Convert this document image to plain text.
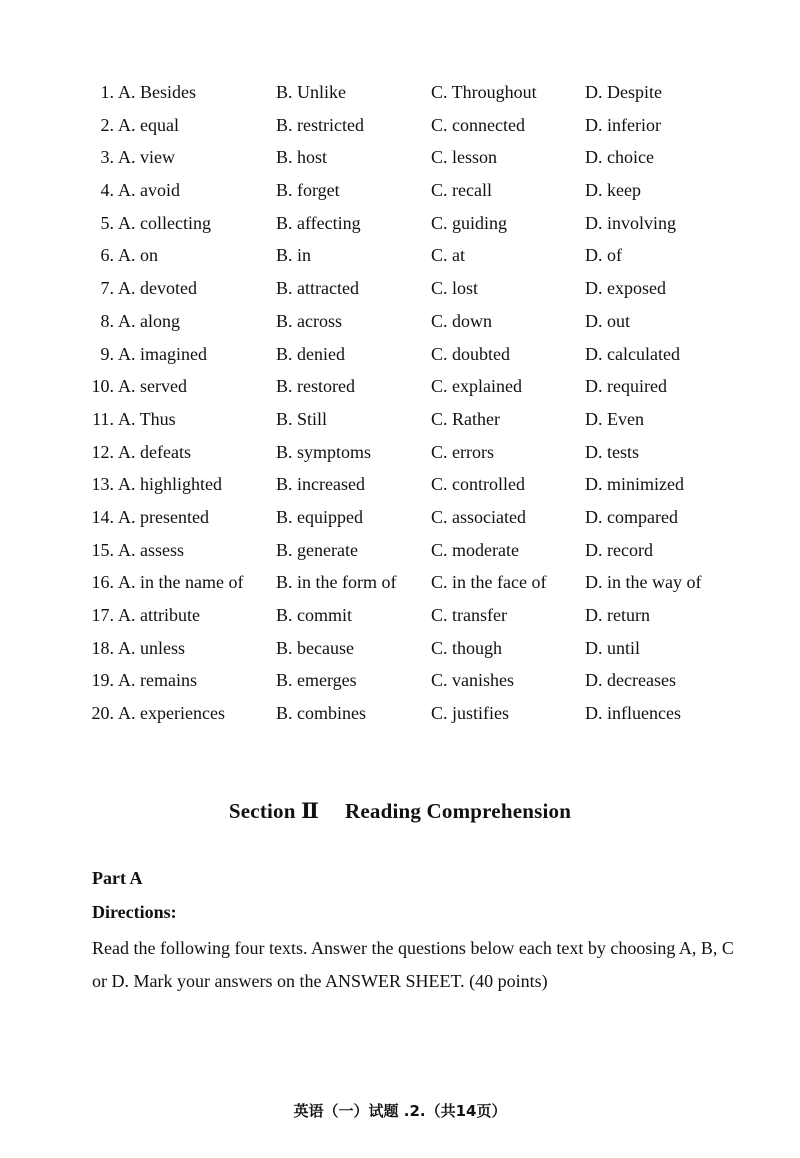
1. A. Besides	B. Unlike	C. Throughout	D. Despite
2. A. equal	B. restricted	C. connected	D. inferior
3. A. view	B. host	C. lesson	D. choice
4. A. avoid	B. forget	C. recall	D. keep
5. A. collecting	B. affecting	C. guiding	D. involving
6. A. on	B. in	C. at	D. of
7. A. devoted	B. attracted	C. lost	D. exposed
8. A. along	B. across	C. down	D. out
9. A. imagined	B. denied	C. doubted	D. calculated
10. A. served	B. restored	C. explained	D. required
11. A. Thus	B. Still	C. Rather	D. Even
12. A. defeats	B. symptoms	C. errors	D. tests
13. A. highlighted	B. increased	C. controlled	D. minimized
14. A. presented	B. equipped	C. associated	D. compared
15. A. assess	B. generate	C. moderate	D. record
16. A. in the name of B. in the form of C. in the face of D. in the way of
17. A. attribute	B. commit	C. transfer	D. return
18. A. unless	B. because	C. though	D. until
19. A. remains	B. emerges	C. vanishes	D. decreases
20. A. experiences	B. combines	C. justifies	D. influences
Section Ⅱ Reading Comprehension
Part A
Directions:
Read the following four texts. Answer the questions below each text by choosing A, B, C or D. Mark your answers on the ANSWER SHEET. (40 points)
英语（一）试题 .2.（共14页）
